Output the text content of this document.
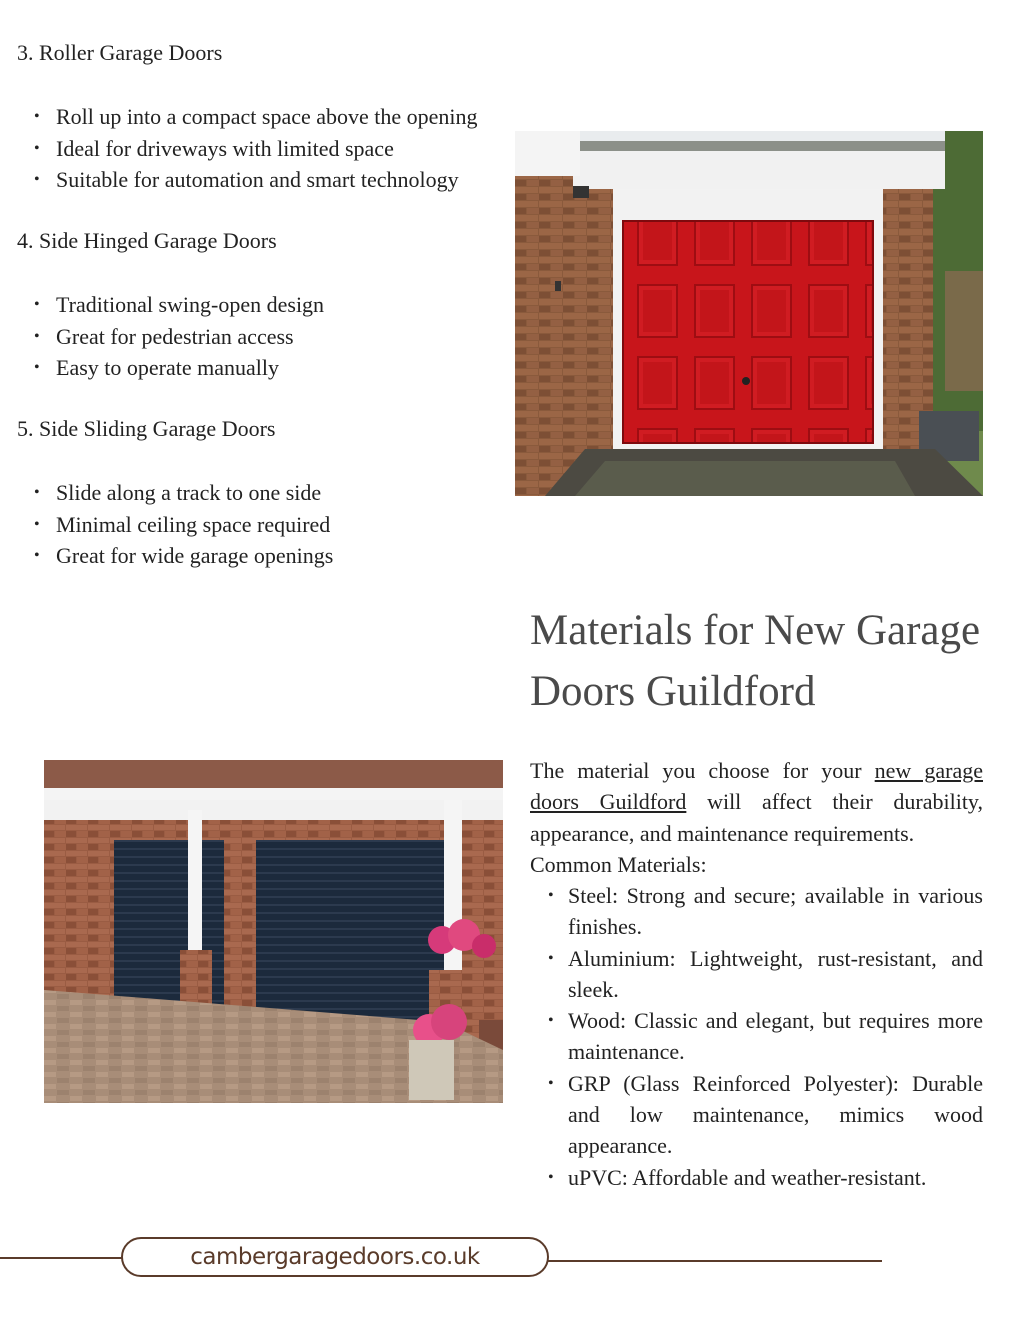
3. Roller Garage Doors
• Roll up into a compact space above the opening
• Ideal for driveways with limited space
• Suitable for automation and smart technology
4. Side Hinged Garage Doors
• Traditional swing-open design
• Great for pedestrian access
• Easy to operate manually
5. Side Sliding Garage Doors
• Slide along a track to one side
• Minimal ceiling space required
• Great for wide garage openings
Materials for New Garage
Doors Guildford

The material you choose for your new garage doors Guildford will affect their durability, appearance, and maintenance requirements.

Common Materials:

• Steel: Strong and secure; available in various finishes.
• Aluminium: Lightweight, rust-resistant, and sleek.
• Wood: Classic and elegant, but requires more maintenance.
• GRP (Glass Reinforced Polyester): Durable and low maintenance, mimics wood appearance.
• uPVC: Affordable and weather-resistant.
cambergaragedoors.co.uk
